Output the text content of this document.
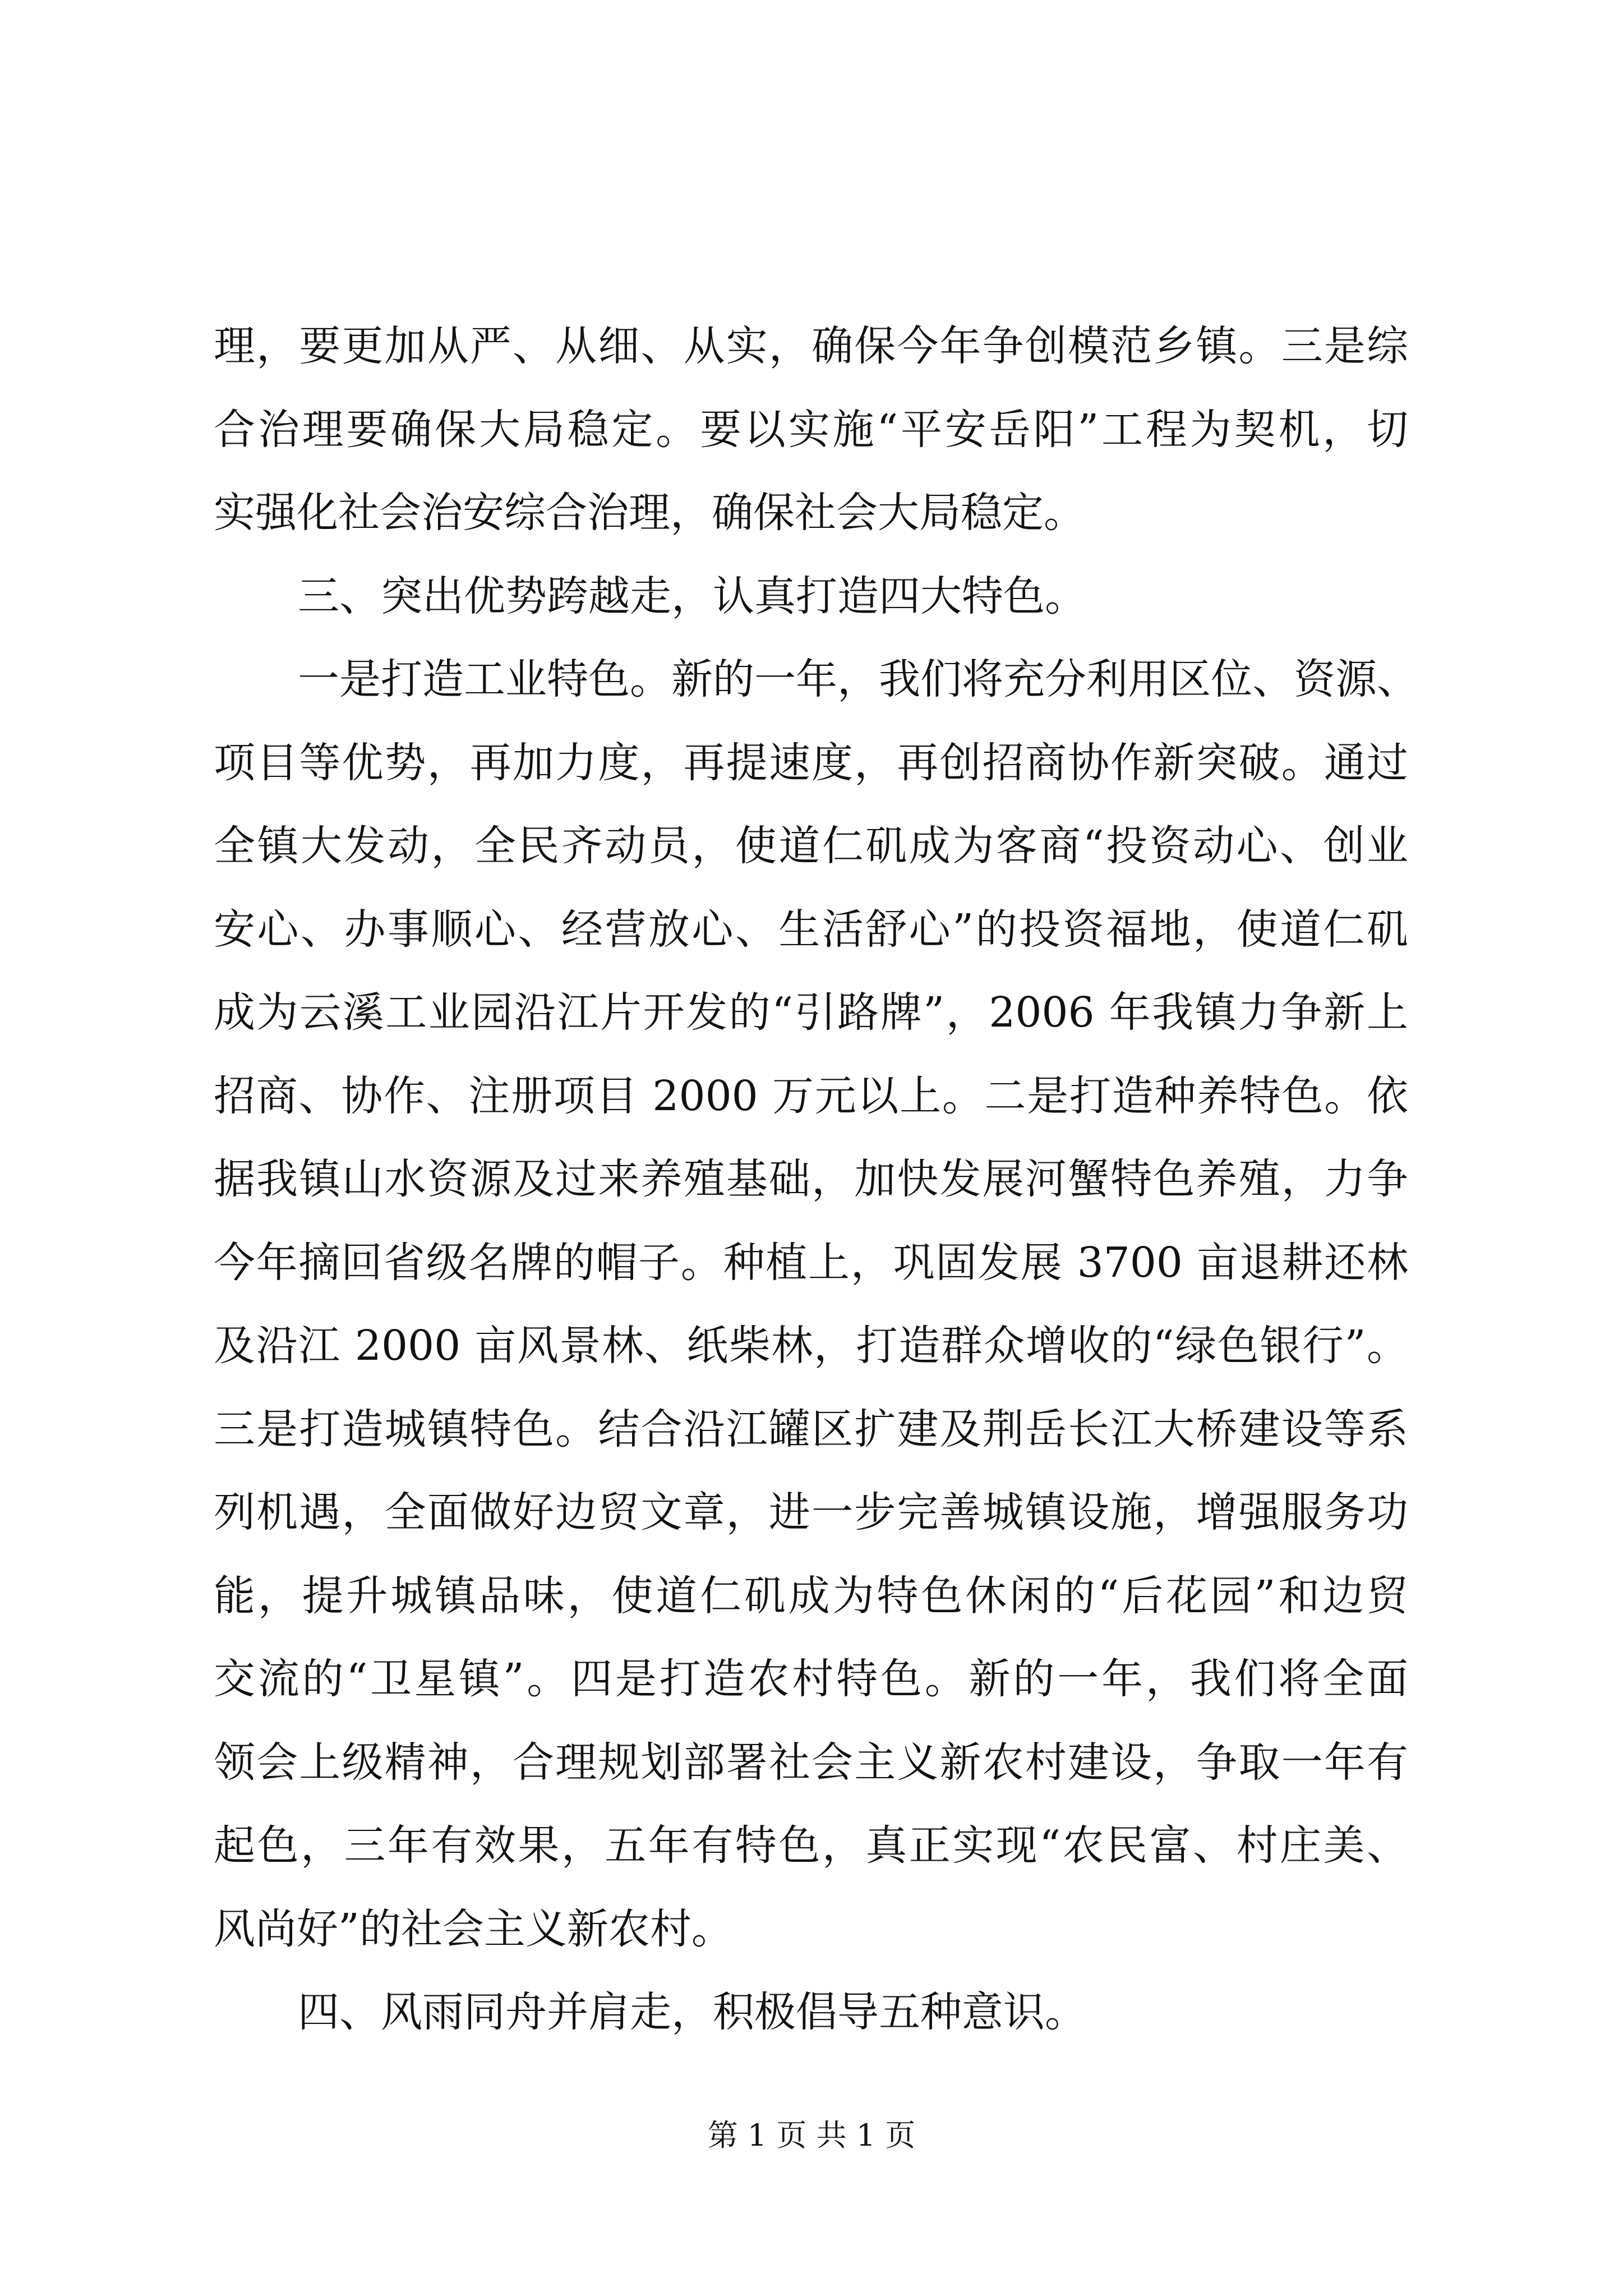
理，要更加从严、从细、从实，确保今年争创模范乡镇。三是综
合治理要确保大局稳定。要以实施“平安岳阳”工程为契机，切
实强化社会治安综合治理，确保社会大局稳定。
三、突出优势跨越走，认真打造四大特色。
一是打造工业特色。新的一年，我们将充分利用区位、资源、
项目等优势，再加力度，再提速度，再创招商协作新突破。通过
全镇大发动，全民齐动员，使道仁矶成为客商“投资动心、创业
安心、办事顺心、经营放心、生活舒心”的投资福地，使道仁矶
成为云溪工业园沿江片开发的“引路牌”，2006 年我镇力争新上
招商、协作、注册项目 2000 万元以上。二是打造种养特色。依
据我镇山水资源及过来养殖基础，加快发展河蟹特色养殖，力争
今年摘回省级名牌的帽子。种植上，巩固发展 3700 亩退耕还林
及沿江 2000 亩风景林、纸柴林，打造群众增收的“绿色银行”。
三是打造城镇特色。结合沿江罐区扩建及荆岳长江大桥建设等系
列机遇，全面做好边贸文章，进一步完善城镇设施，增强服务功
能，提升城镇品味，使道仁矶成为特色休闲的“后花园”和边贸
交流的“卫星镇”。四是打造农村特色。新的一年，我们将全面
领会上级精神，合理规划部署社会主义新农村建设，争取一年有
起色，三年有效果，五年有特色，真正实现“农民富、村庄美、
风尚好”的社会主义新农村。
四、风雨同舟并肩走，积极倡导五种意识。
第 1 页 共 1 页
